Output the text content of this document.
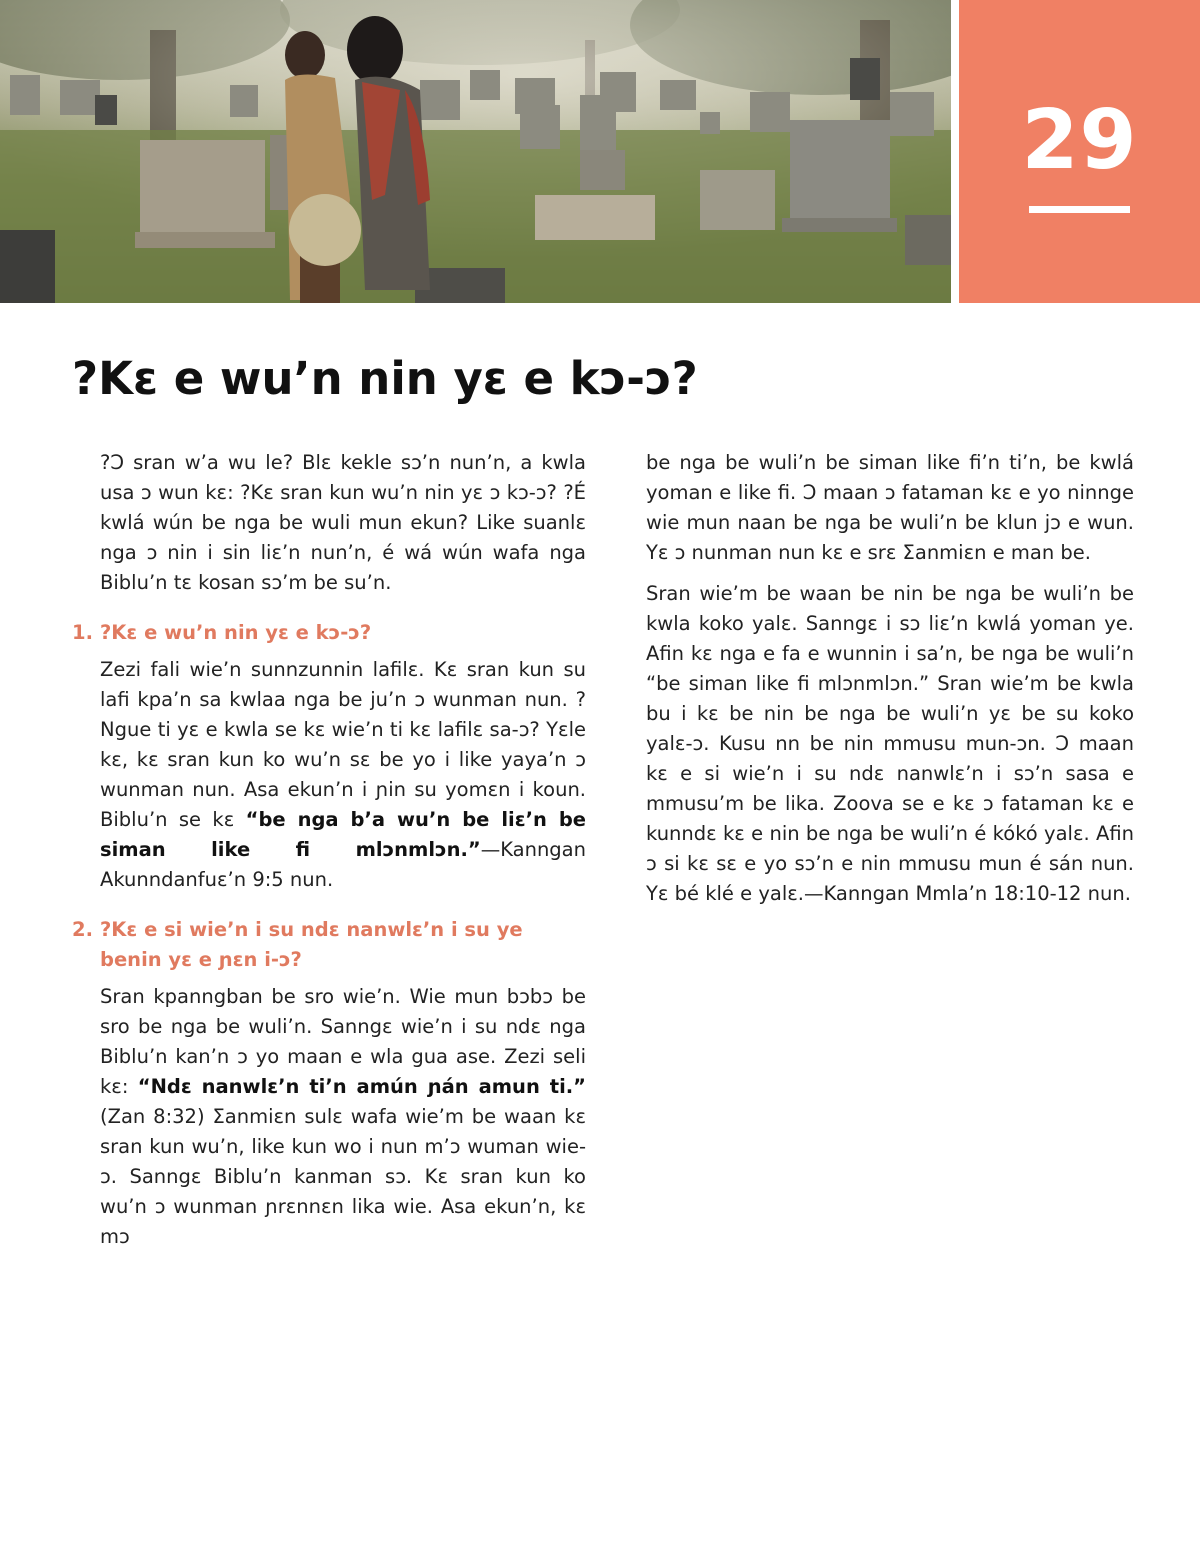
29
?Kɛ e wu’n nin yɛ e kɔ-ɔ?

?Ɔ sran w’a wu le? Blɛ kekle sɔ’n nun’n, a kwla usa ɔ wun kɛ: ?Kɛ sran kun wu’n nin yɛ ɔ kɔ-ɔ? ?É kwlá wún be nga be wuli mun ekun? Like suanlɛ nga ɔ nin i sin liɛ’n nun’n, é wá wún wafa nga Biblu’n tɛ kosan sɔ’m be su’n.

1. ?Kɛ e wu’n nin yɛ e kɔ-ɔ?

Zezi fali wie’n sunnzunnin lafilɛ. Kɛ sran kun su lafi kpa’n sa kwlaa nga be ju’n ɔ wunman nun. ?Ngue ti yɛ e kwla se kɛ wie’n ti kɛ lafilɛ sa-ɔ? Yɛle kɛ, kɛ sran kun ko wu’n sɛ be yo i like yaya’n ɔ wunman nun. Asa ekun’n i ɲin su yomɛn i koun. Biblu’n se kɛ “be nga b’a wu’n be liɛ’n be siman like fi mlɔnmlɔn.”—Kanngan Akunndanfuɛ’n 9:5 nun.

2. ?Kɛ e si wie’n i su ndɛ nanwlɛ’n i su ye benin yɛ e ɲɛn i-ɔ?

Sran kpanngban be sro wie’n. Wie mun bɔbɔ be sro be nga be wuli’n. Sanngɛ wie’n i su ndɛ nga Biblu’n kan’n ɔ yo maan e wla gua ase. Zezi seli kɛ: “Ndɛ nanwlɛ’n ti’n amún ɲán amun ti.” (Zan 8:32) Ʃanmiɛn sulɛ wafa wie’m be waan kɛ sran kun wu’n, like kun wo i nun m’ɔ wuman wie-ɔ. Sanngɛ Biblu’n kanman sɔ. Kɛ sran kun ko wu’n ɔ wunman ɲrɛnnɛn lika wie. Asa ekun’n, kɛ mɔ

be nga be wuli’n be siman like fi’n ti’n, be kwlá yoman e like fi. Ɔ maan ɔ fataman kɛ e yo ninnge wie mun naan be nga be wuli’n be klun jɔ e wun. Yɛ ɔ nunman nun kɛ e srɛ Ʃanmiɛn e man be.

Sran wie’m be waan be nin be nga be wuli’n be kwla koko yalɛ. Sanngɛ i sɔ liɛ’n kwlá yoman ye. Afin kɛ nga e fa e wunnin i sa’n, be nga be wuli’n “be siman like fi mlɔnmlɔn.” Sran wie’m be kwla bu i kɛ be nin be nga be wuli’n yɛ be su koko yalɛ-ɔ. Kusu nn be nin mmusu mun-ɔn. Ɔ maan kɛ e si wie’n i su ndɛ nanwlɛ’n i sɔ’n sasa e mmusu’m be lika. Zoova se e kɛ ɔ fataman kɛ e kunndɛ kɛ e nin be nga be wuli’n é kókó yalɛ. Afin ɔ si kɛ sɛ e yo sɔ’n e nin mmusu mun é sán nun. Yɛ bé klé e yalɛ.—Kanngan Mmla’n 18:10-12 nun.
